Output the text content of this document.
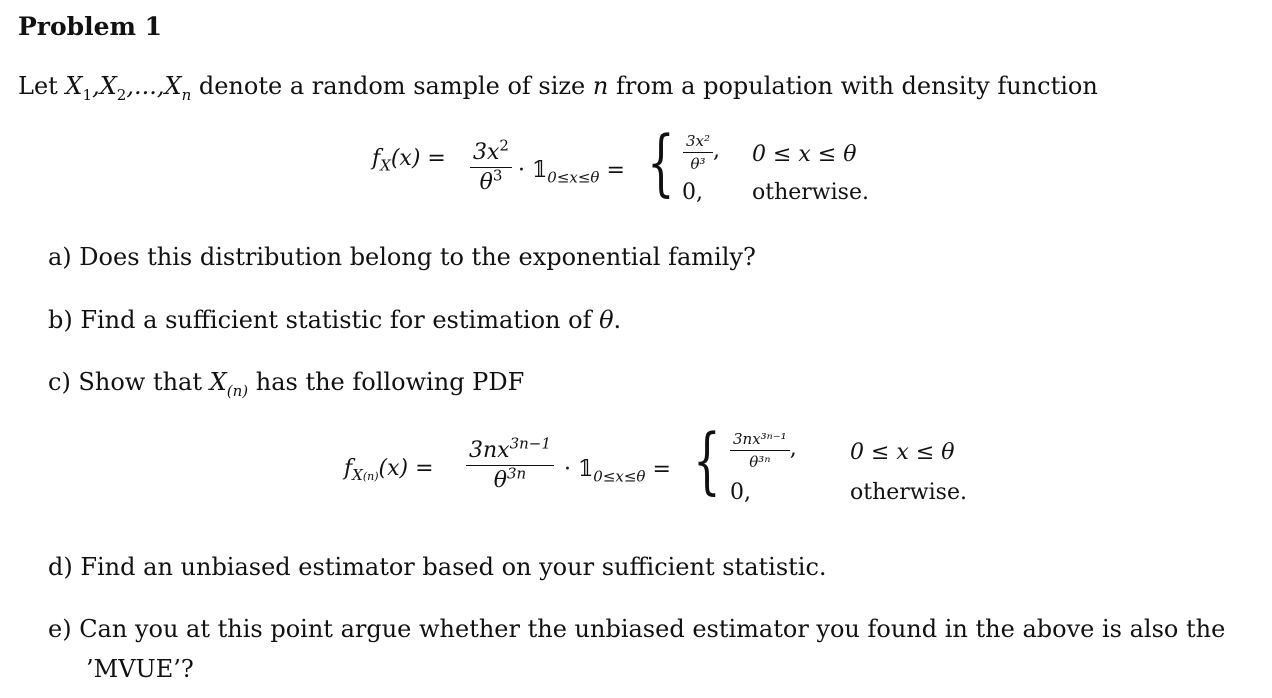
Problem 1
Let $X_1,X_2,...,X_n$ denote a random sample of size n from a population with density function
$f_X(x) = \frac{3x^2}{\theta^3}$ · $𝟙_{0\le x\le\theta}$ = { $\frac{\text{3x²}}{\text{θ³}}$ , 0 ≤ x ≤ θ
0, otherwise.
a) Does this distribution belong to the exponential family?
b) Find a sufficient statistic for estimation of θ.
c) Show that $X_{(n)}$ has the following PDF
$f_{X(n)}(x) = \frac{3nx^{3n-1}}{\theta^{3n}}$ · $𝟙_{0\le x\le\theta}$ = { $\frac{\text{3nx³ⁿ⁻¹}}{\text{θ³ⁿ}}$ , 0 ≤ x ≤ θ
0,	otherwise.
d) Find an unbiased estimator based on your sufficient statistic.
e) Can you at this point argue whether the unbiased estimator you found in the above is also the
’MVUE’?
